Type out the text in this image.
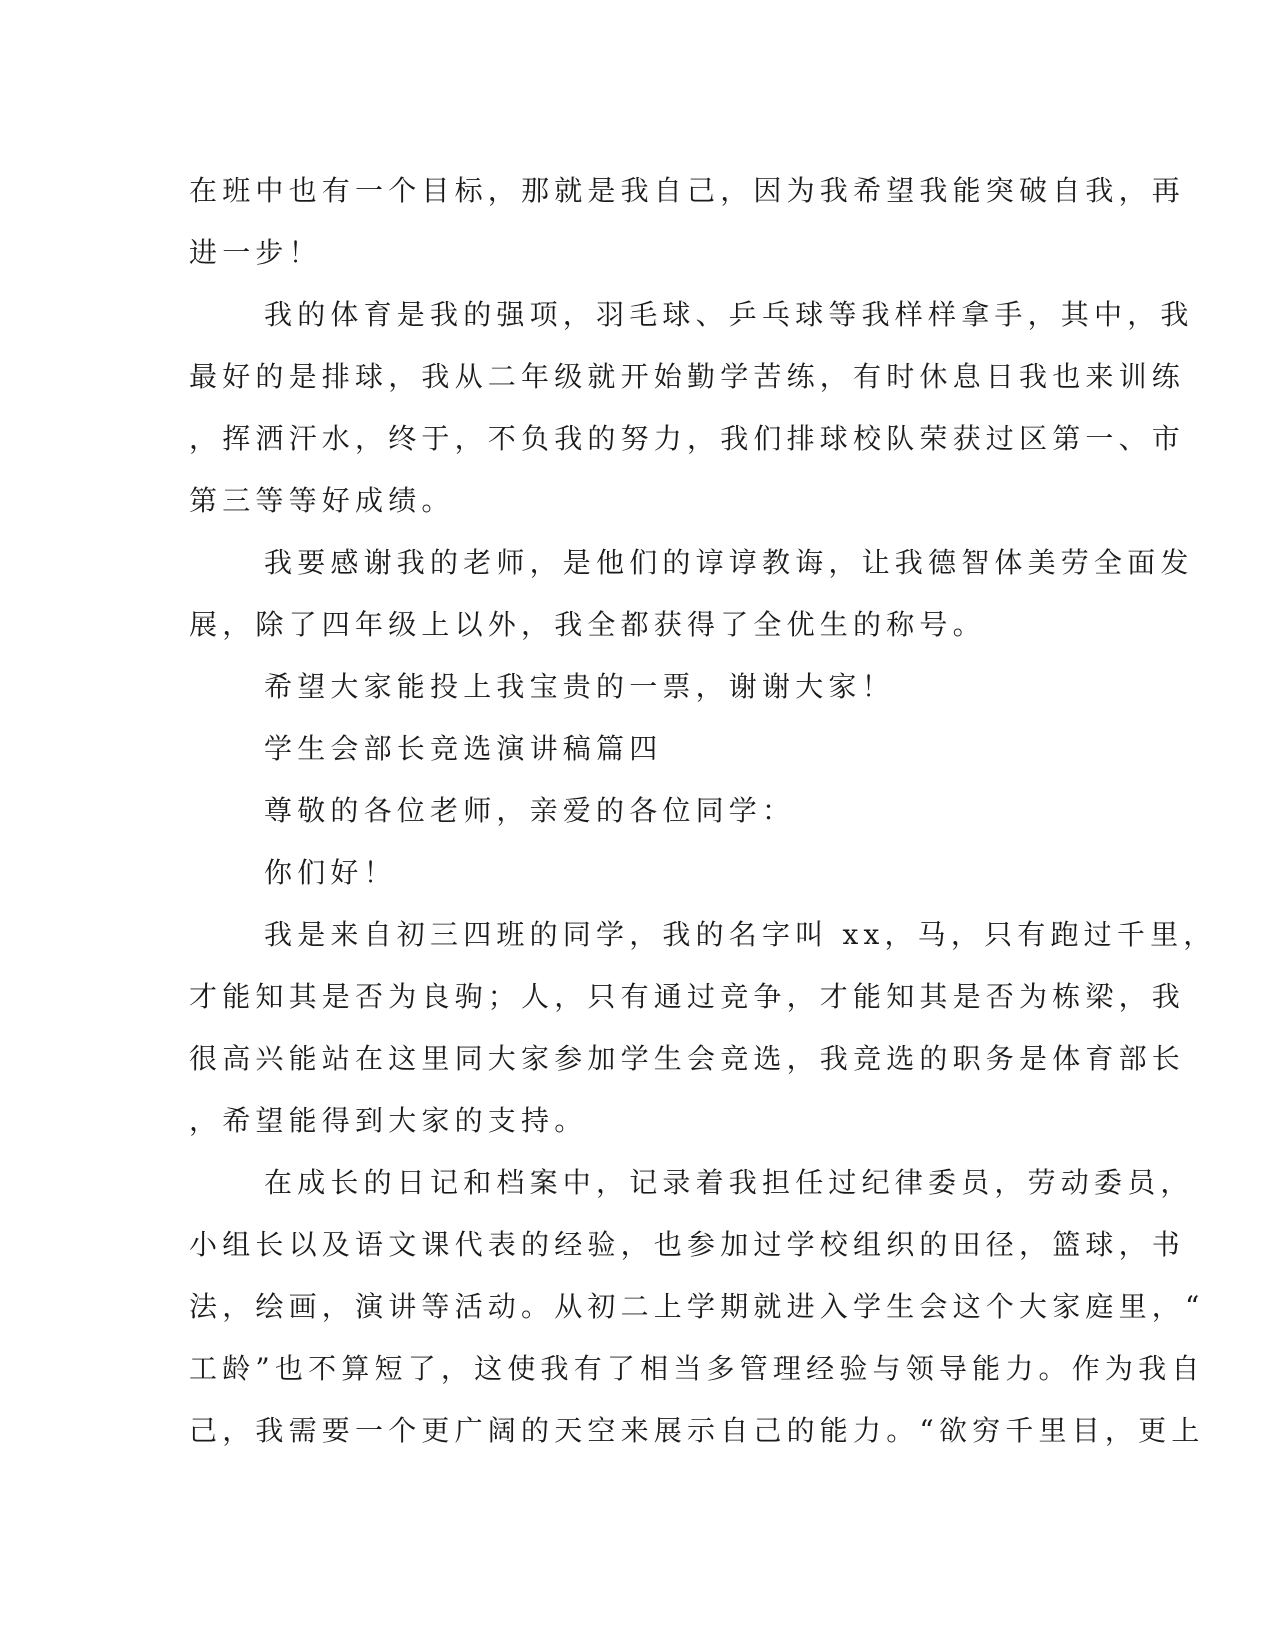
在班中也有一个目标，那就是我自己，因为我希望我能突破自我，再
进一步！
我的体育是我的强项，羽毛球、乒乓球等我样样拿手，其中，我
最好的是排球，我从二年级就开始勤学苦练，有时休息日我也来训练
，挥洒汗水，终于，不负我的努力，我们排球校队荣获过区第一、市
第三等等好成绩。
我要感谢我的老师，是他们的谆谆教诲，让我德智体美劳全面发
展，除了四年级上以外，我全都获得了全优生的称号。
希望大家能投上我宝贵的一票，谢谢大家！
学生会部长竞选演讲稿篇四
尊敬的各位老师，亲爱的各位同学：
你们好！
我是来自初三四班的同学，我的名字叫 xx，马，只有跑过千里，
才能知其是否为良驹；人，只有通过竞争，才能知其是否为栋梁，我
很高兴能站在这里同大家参加学生会竞选，我竞选的职务是体育部长
，希望能得到大家的支持。
在成长的日记和档案中，记录着我担任过纪律委员，劳动委员，
小组长以及语文课代表的经验，也参加过学校组织的田径，篮球，书
法，绘画，演讲等活动。从初二上学期就进入学生会这个大家庭里，“
工龄”也不算短了，这使我有了相当多管理经验与领导能力。作为我自
己，我需要一个更广阔的天空来展示自己的能力。“欲穷千里目，更上
